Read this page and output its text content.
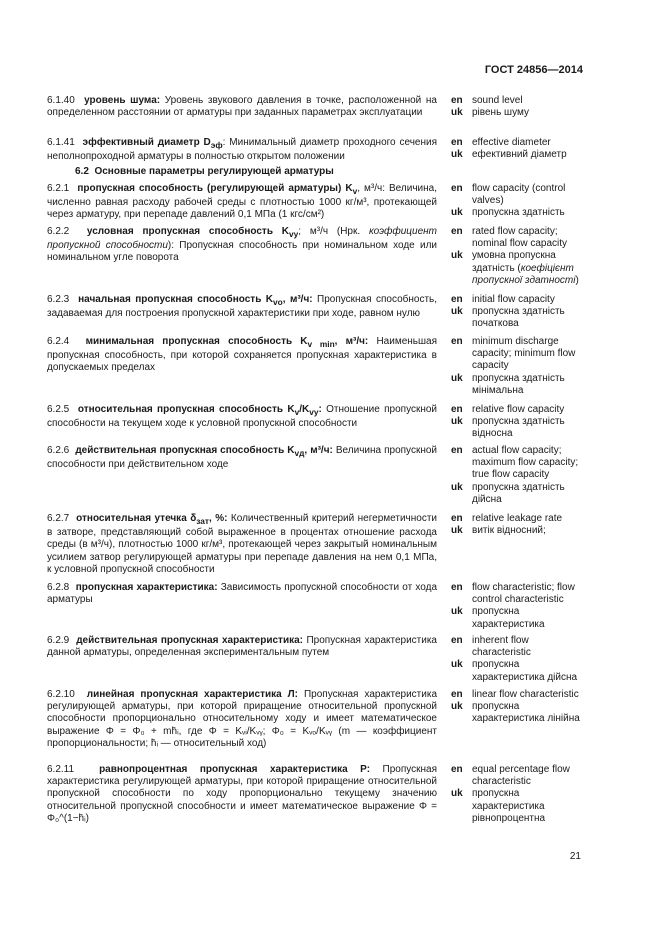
ГОСТ 24856—2014
6.1.40 уровень шума: Уровень звукового давления в точке, расположенной на определенном расстоянии от арматуры при заданных параметрах эксплуатации
en sound level
uk рівень шуму
6.1.41 эффективный диаметр $D_{эф}$: Минимальный диаметр проходного сечения неполнопроходной арматуры в полностью открытом положении
en effective diameter
uk ефективний діаметр
6.2 Основные параметры регулирующей арматуры
6.2.1 пропускная способность (регулирующей арматуры) $K_v$, м³/ч: Величина, численно равная расходу рабочей среды с плотностью 1000 кг/м³, протекающей через арматуру, при перепаде давлений 0,1 МПа (1 кгс/см²)
en flow capacity (control valves)
uk пропускна здатність
6.2.2 условная пропускная способность $K_{vy}$; м³/ч (Нрк. коэффициент пропускной способности): Пропускная способность при номинальном ходе или номинальном угле поворота
en rated flow capacity; nominal flow capacity
uk умовна пропускна здатність (коефіцієнт пропускної здатності)
6.2.3 начальная пропускная способность $K_{vo}$, м³/ч: Пропускная способность, задаваемая для построения пропускной характеристики при ходе, равном нулю
en initial flow capacity
uk пропускна здатність початкова
6.2.4 минимальная пропускная способность $K_{v min}$, м³/ч: Наименьшая пропускная способность, при которой сохраняется пропускная характеристика в допускаемых пределах
en minimum discharge capacity; minimum flow capacity
uk пропускна здатність мінімальна
6.2.5 относительная пропускная способность $K_v/K_{vy}$: Отношение пропускной способности на текущем ходе к условной пропускной способности
en relative flow capacity
uk пропускна здатність відносна
6.2.6 действительная пропускная способность $K_{vд}$, м³/ч: Величина пропускной способности при действительном ходе
en actual flow capacity; maximum flow capacity; true flow capacity
uk пропускна здатність дійсна
6.2.7 относительная утечка $\delta_{зат}$, %: Количественный критерий негерметичности в затворе, представляющий собой выраженное в процентах отношение расхода среды (в м³/ч), плотностью 1000 кг/м³, протекающей через закрытый номинальным усилием затвор регулирующей арматуры при перепаде давления на нем 0,1 МПа, к условной пропускной способности
en relative leakage rate
uk витік відносний;
6.2.8 пропускная характеристика: Зависимость пропускной способности от хода арматуры
en flow characteristic; flow control characteristic
uk пропускна характеристика
6.2.9 действительная пропускная характеристика: Пропускная характеристика данной арматуры, определенная экспериментальным путем
en inherent flow characteristic
uk пропускна характеристика дійсна
6.2.10 линейная пропускная характеристика Л: Пропускная характеристика регулирующей арматуры, при которой приращение относительной пропускной способности пропорционально относительному ходу и имеет математическое выражение Φ = Φ₀ + mh̄ᵢ, где Φ = Kᵥᵢ/Kᵥᵧ; Φ₀ = Kᵥₒ/Kᵥᵧ (m — коэффициент пропорциональности; h̄ᵢ — относительный ход)
en linear flow characteristic
uk пропускна характеристика лінійна
6.2.11	равнопроцентная пропускная характеристика Р: Пропускная характеристика регулирующей арматуры, при которой приращение относительной пропускной способности по ходу пропорционально текущему значению относительной пропускной способности и имеет математическое выражение Φ = Φ₀^(1−h̄ᵢ)
en equal percentage flow characteristic
uk пропускна характеристика рівнопроцентна
21
